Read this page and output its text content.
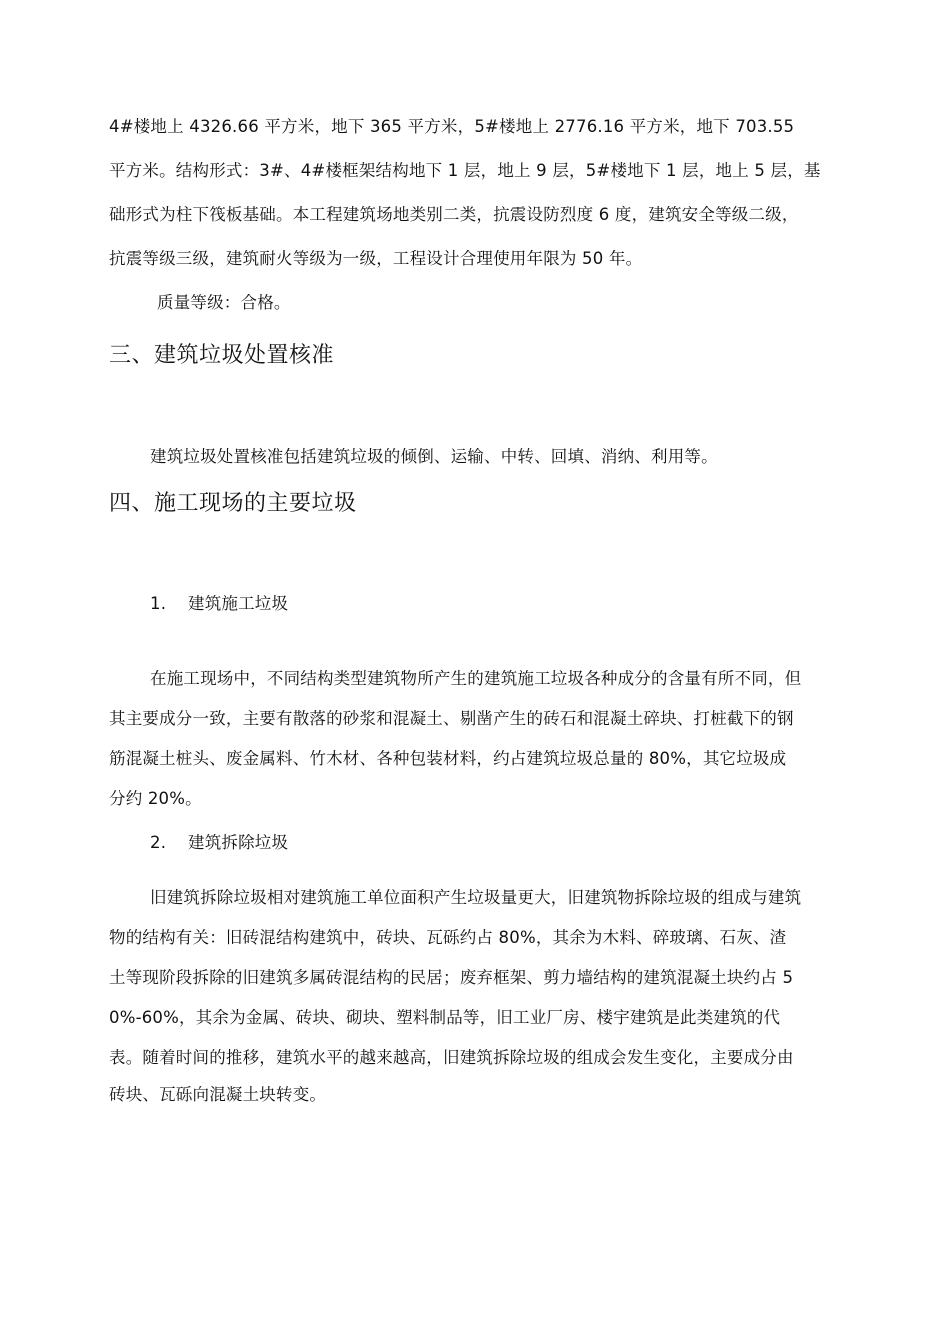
4#楼地上 4326.66 平方米，地下 365 平方米，5#楼地上 2776.16 平方米，地下 703.55
平方米。结构形式：3#、4#楼框架结构地下 1 层，地上 9 层，5#楼地下 1 层，地上 5 层，基
础形式为柱下筏板基础。本工程建筑场地类别二类，抗震设防烈度 6 度，建筑安全等级二级，
抗震等级三级，建筑耐火等级为一级，工程设计合理使用年限为 50 年。
质量等级：合格。
三、建筑垃圾处置核准
建筑垃圾处置核准包括建筑垃圾的倾倒、运输、中转、回填、消纳、利用等。
四、施工现场的主要垃圾
1. 建筑施工垃圾
在施工现场中，不同结构类型建筑物所产生的建筑施工垃圾各种成分的含量有所不同，但
其主要成分一致，主要有散落的砂浆和混凝土、剔凿产生的砖石和混凝土碎块、打桩截下的钢
筋混凝土桩头、废金属料、竹木材、各种包装材料，约占建筑垃圾总量的 80%，其它垃圾成
分约 20%。
2. 建筑拆除垃圾
旧建筑拆除垃圾相对建筑施工单位面积产生垃圾量更大，旧建筑物拆除垃圾的组成与建筑
物的结构有关：旧砖混结构建筑中，砖块、瓦砾约占 80%，其余为木料、碎玻璃、石灰、渣
土等现阶段拆除的旧建筑多属砖混结构的民居；废弃框架、剪力墙结构的建筑混凝土块约占 5
0%-60%，其余为金属、砖块、砌块、塑料制品等，旧工业厂房、楼宇建筑是此类建筑的代
表。随着时间的推移，建筑水平的越来越高，旧建筑拆除垃圾的组成会发生变化，主要成分由
砖块、瓦砾向混凝土块转变。
